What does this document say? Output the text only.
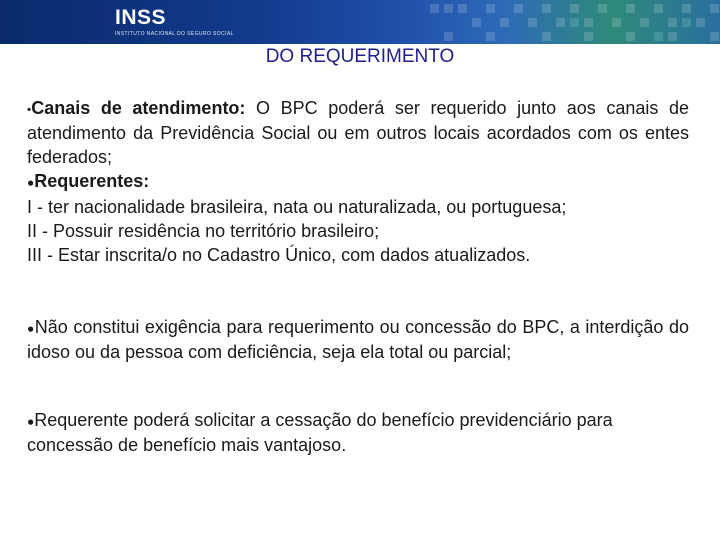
INSS
INSTITUTO NACIONAL DO SEGURO SOCIAL
DO REQUERIMENTO

•Canais de atendimento: O BPC poderá ser requerido junto aos canais de atendimento da Previdência Social ou em outros locais acordados com os entes federados;

●Requerentes:

I - ter nacionalidade brasileira, nata ou naturalizada, ou portuguesa;

II - Possuir residência no território brasileiro;

III - Estar inscrita/o no Cadastro Único, com dados atualizados.

●Não constitui exigência para requerimento ou concessão do BPC, a interdição do idoso ou da pessoa com deficiência, seja ela total ou parcial;

●Requerente poderá solicitar a cessação do benefício previdenciário para concessão de benefício mais vantajoso.
